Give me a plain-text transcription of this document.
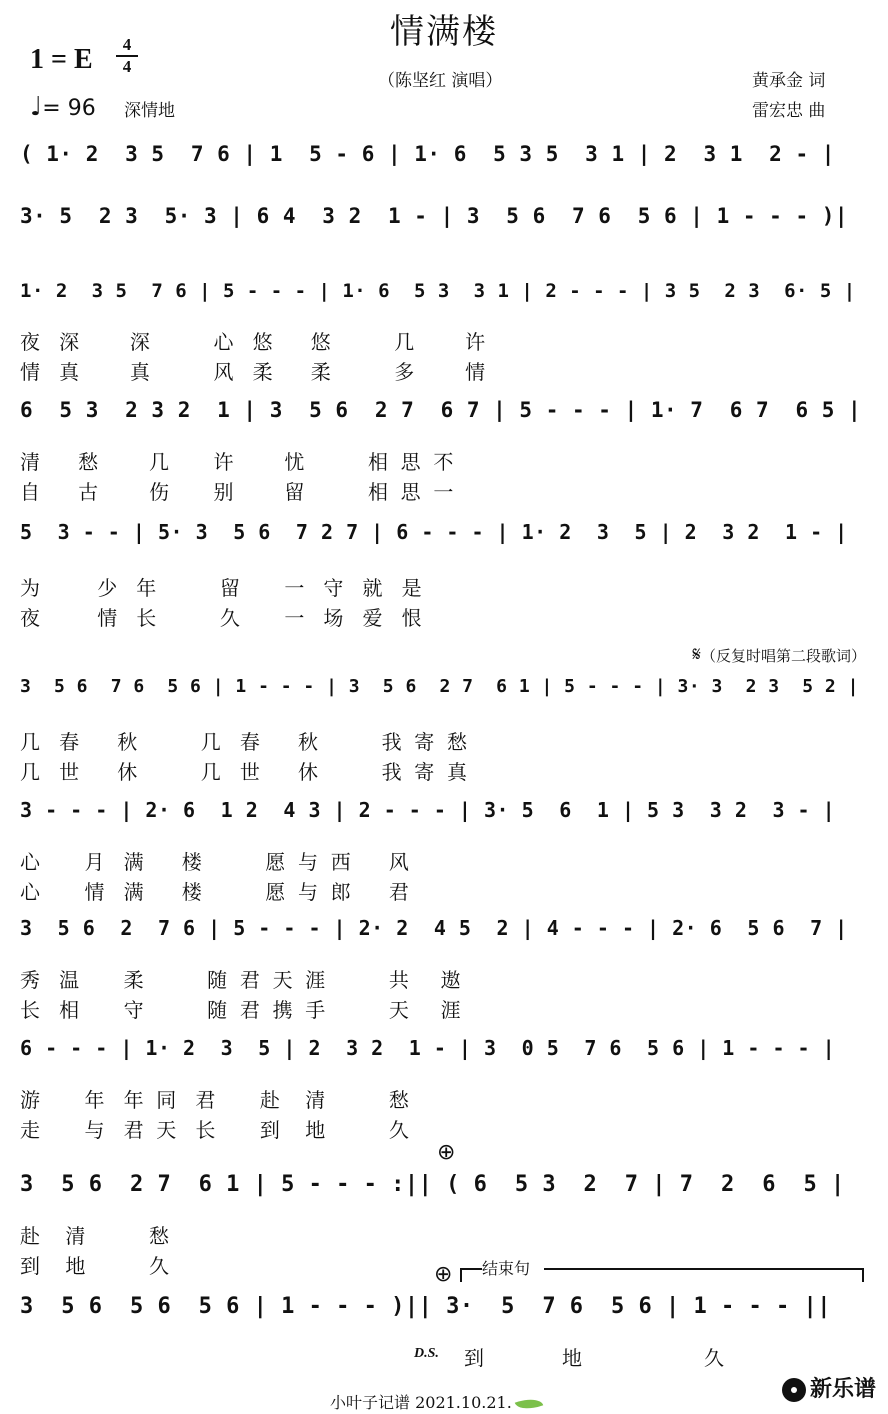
情满楼
1 = E	4
4
（陈坚红 演唱）	黄承金 词
雷宏忠 曲
♩= 96 深情地
( 1· 2  3 5  7 6 | 1  5 - 6 | 1· 6  5 3 5  3 1 | 2  3 1  2 - |
3· 5  2 3  5· 3 | 6 4  3 2  1 - | 3  5 6  7 6  5 6 | 1 - - - )|
1· 2  3 5  7 6 | 5 - - - | 1· 6  5 3  3 1 | 2 - - - | 3 5  2 3  6· 5 |
夜   深        深          心   悠      悠          几        许
情   真        真          风   柔      柔          多        情
6  5 3  2 3 2  1 | 3  5 6  2 7  6 7 | 5 - - - | 1· 7  6 7  6 5 |
清      愁        几       许        忧          相  思  不
自      古        伤       别        留          相  思  一
5  3 - - | 5· 3  5 6  7 2 7 | 6 - - - | 1· 2  3  5 | 2  3 2  1 - |
为         少   年          留       一   守   就   是
夜         情   长          久       一   场   爱   恨
𝄋（反复时唱第二段歌词）
3  5 6  7 6  5 6 | 1 - - - | 3  5 6  2 7  6 1 | 5 - - - | 3· 3  2 3  5 2 |
几   春      秋          几   春      秋          我  寄  愁
几   世      休          几   世      休          我  寄  真
3 - - - | 2· 6  1 2  4 3 | 2 - - - | 3· 5  6  1 | 5 3  3 2  3 - |
心       月   满      楼          愿  与  西      风
心       情   满      楼          愿  与  郎      君
3  5 6  2  7 6 | 5 - - - | 2· 2  4 5  2 | 4 - - - | 2· 6  5 6  7 |
秀   温       柔          随  君  天  涯          共     遨
长   相       守          随  君  携  手          天     涯
6 - - - | 1· 2  3  5 | 2  3 2  1 - | 3  0 5  7 6  5 6 | 1 - - - |
游       年   年  同   君       赴    清          愁
走       与   君  天   长       到    地          久
⊕
3  5 6  2 7  6 1 | 5 - - - :|| ( 6  5 3  2  7 | 7  2  6  5 |
赴    清          愁
到    地          久	⊕ 结束句
3  5 6  5 6  5 6 | 1 - - - )|| 3·  5  7 6  5 6 | 1 - - - ||
D.S. 到	地	久
小叶子记谱 2021.10.21.
新乐谱
